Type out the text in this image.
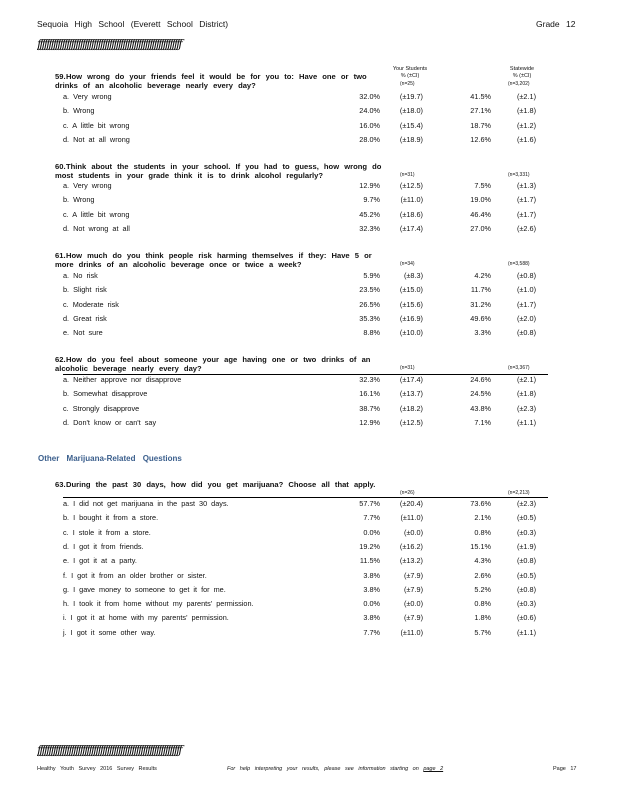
Sequoia High School (Everett School District)	Grade 12
ƒƒƒƒƒƒƒƒƒƒƒƒƒƒƒƒƒƒƒƒƒƒƒƒƒƒƒƒƒƒƒƒƒƒƒƒƒƒƒƒƒƒƒƒƒƒƒƒƒƒƒƒƒƒƒƒƒƒƒƒƒƒƒƒ
Your Students
% (±CI)
Statewide
% (±CI)
59.How wrong do your friends feel it would be for you to: Have one or two drinks of an alcoholic beverage nearly every day?	(n=25)	(n=3,202)
a. Very wrong	32.0%	(±19.7)	41.5%	(±2.1)
b. Wrong	24.0%	(±18.0)	27.1%	(±1.8)
c. A little bit wrong	16.0%	(±15.4)	18.7%	(±1.2)
d. Not at all wrong	28.0%	(±18.9)	12.6%	(±1.6)
60.Think about the students in your school. If you had to guess, how wrong do most students in your grade think it is to drink alcohol regularly?	(n=31)	(n=3,331)
a. Very wrong	12.9%	(±12.5)	7.5%	(±1.3)
b. Wrong	9.7%	(±11.0)	19.0%	(±1.7)
c. A little bit wrong	45.2%	(±18.6)	46.4%	(±1.7)
d. Not wrong at all	32.3%	(±17.4)	27.0%	(±2.6)
61.How much do you think people risk harming themselves if they: Have 5 or more drinks of an alcoholic beverage once or twice a week?	(n=34)	(n=3,588)
a. No risk	5.9%	(±8.3)	4.2%	(±0.8)
b. Slight risk	23.5%	(±15.0)	11.7%	(±1.0)
c. Moderate risk	26.5%	(±15.6)	31.2%	(±1.7)
d. Great risk	35.3%	(±16.9)	49.6%	(±2.0)
e. Not sure	8.8%	(±10.0)	3.3%	(±0.8)
62.How do you feel about someone your age having one or two drinks of an alcoholic beverage nearly every day?	(n=31)	(n=3,367)
a. Neither approve nor disapprove	32.3%	(±17.4)	24.6%	(±2.1)
b. Somewhat disapprove	16.1%	(±13.7)	24.5%	(±1.8)
c. Strongly disapprove	38.7%	(±18.2)	43.8%	(±2.3)
d. Don't know or can't say	12.9%	(±12.5)	7.1%	(±1.1)
63.During the past 30 days, how did you get marijuana? Choose all that apply.
(n=26)	(n=2,213)
a. I did not get marijuana in the past 30 days.	57.7%	(±20.4)	73.6%	(±2.3)
b. I bought it from a store.	7.7%	(±11.0)	2.1%	(±0.5)
c. I stole it from a store.	0.0%	(±0.0)	0.8%	(±0.3)
d. I got it from friends.	19.2%	(±16.2)	15.1%	(±1.9)
e. I got it at a party.	11.5%	(±13.2)	4.3%	(±0.8)
f. I got it from an older brother or sister.	3.8%	(±7.9)	2.6%	(±0.5)
g. I gave money to someone to get it for me.	3.8%	(±7.9)	5.2%	(±0.8)
h. I took it from home without my parents' permission.	0.0%	(±0.0)	0.8%	(±0.3)
i. I got it at home with my parents' permission.	3.8%	(±7.9)	1.8%	(±0.6)
j. I got it some other way.	7.7%	(±11.0)	5.7%	(±1.1)
Other Marijuana-Related Questions
ƒƒƒƒƒƒƒƒƒƒƒƒƒƒƒƒƒƒƒƒƒƒƒƒƒƒƒƒƒƒƒƒƒƒƒƒƒƒƒƒƒƒƒƒƒƒƒƒƒƒƒƒƒƒƒƒƒƒƒƒƒƒƒƒ
Healthy Youth Survey 2016 Survey Results	For help interpreting your results, please see information starting on page 2	Page 17
